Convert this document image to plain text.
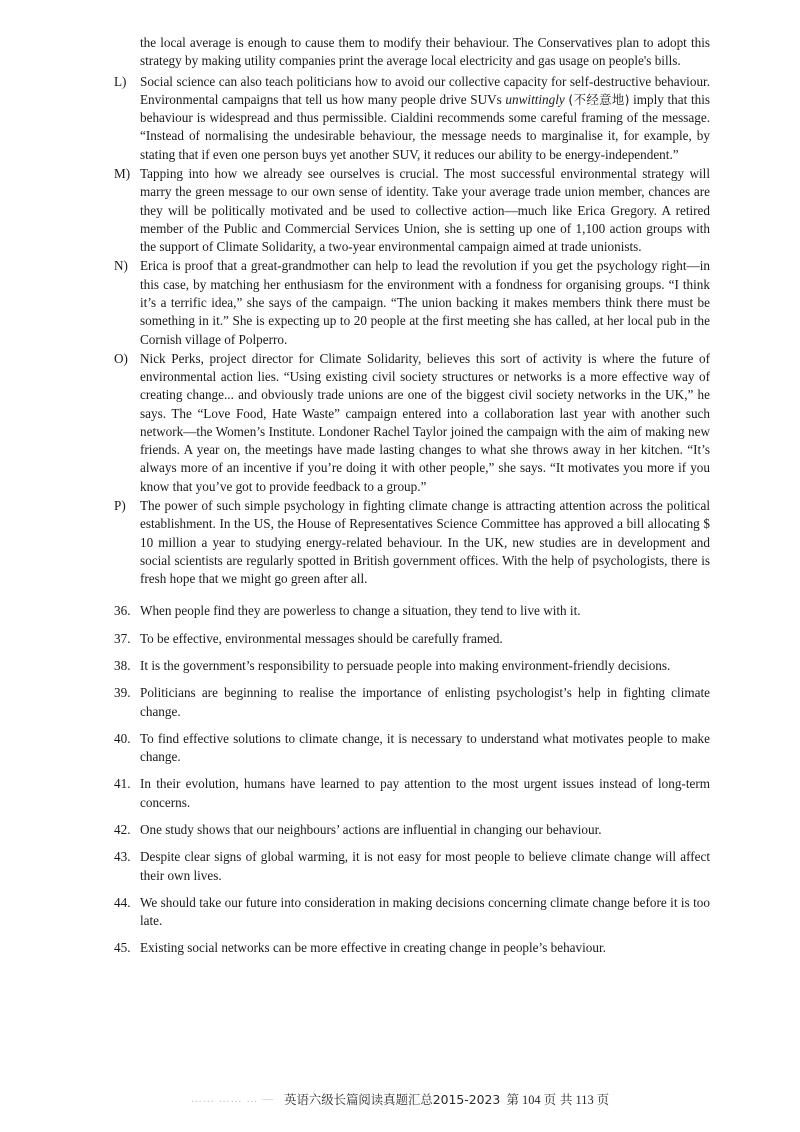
the local average is enough to cause them to modify their behaviour. The Conservatives plan to adopt this strategy by making utility companies print the average local electricity and gas usage on people's bills.
L)	Social science can also teach politicians how to avoid our collective capacity for self-destructive behaviour. Environmental campaigns that tell us how many people drive SUVs unwittingly (不经意地) imply that this behaviour is widespread and thus permissible. Cialdini recommends some careful framing of the message. “Instead of normalising the undesirable behaviour, the message needs to marginalise it, for example, by stating that if even one person buys yet another SUV, it reduces our ability to be energy-independent.”
M) Tapping into how we already see ourselves is crucial. The most successful environmental strategy will marry the green message to our own sense of identity. Take your average trade union member, chances are they will be politically motivated and be used to collective action—much like Erica Gregory. A retired member of the Public and Commercial Services Union, she is setting up one of 1,100 action groups with the support of Climate Solidarity, a two-year environmental campaign aimed at trade unionists.
N) Erica is proof that a great-grandmother can help to lead the revolution if you get the psychology right—in this case, by matching her enthusiasm for the environment with a fondness for organising groups. “I think it’s a terrific idea,” she says of the campaign. “The union backing it makes members think there must be something in it.” She is expecting up to 20 people at the first meeting she has called, at her local pub in the Cornish village of Polperro.
O) Nick Perks, project director for Climate Solidarity, believes this sort of activity is where the future of environmental action lies. “Using existing civil society structures or networks is a more effective way of creating change... and obviously trade unions are one of the biggest civil society networks in the UK,” he says. The “Love Food, Hate Waste” campaign entered into a collaboration last year with another such network—the Women’s Institute. Londoner Rachel Taylor joined the campaign with the aim of making new friends. A year on, the meetings have made lasting changes to what she throws away in her kitchen. “It’s always more of an incentive if you’re doing it with other people,” she says. “It motivates you more if you know that you’ve got to provide feedback to a group.”
P)	The power of such simple psychology in fighting climate change is attracting attention across the political establishment. In the US, the House of Representatives Science Committee has approved a bill allocating $ 10 million a year to studying energy-related behaviour. In the UK, new studies are in development and social scientists are regularly spotted in British government offices. With the help of psychologists, there is fresh hope that we might go green after all.
36. When people find they are powerless to change a situation, they tend to live with it.
37. To be effective, environmental messages should be carefully framed.
38. It is the government’s responsibility to persuade people into making environment-friendly decisions.
39. Politicians are beginning to realise the importance of enlisting psychologist’s help in fighting climate change.
40. To find effective solutions to climate change, it is necessary to understand what motivates people to make change.
41. In their evolution, humans have learned to pay attention to the most urgent issues instead of long-term concerns.
42. One study shows that our neighbours’ actions are influential in changing our behaviour.
43. Despite clear signs of global warming, it is not easy for most people to believe climate change will affect their own lives.
44. We should take our future into consideration in making decisions concerning climate change before it is too late.
45. Existing social networks can be more effective in creating change in people’s behaviour.
…… …… … — 英语六级长篇阅读真题汇总2015-2023 第 104 页 共 113 页
